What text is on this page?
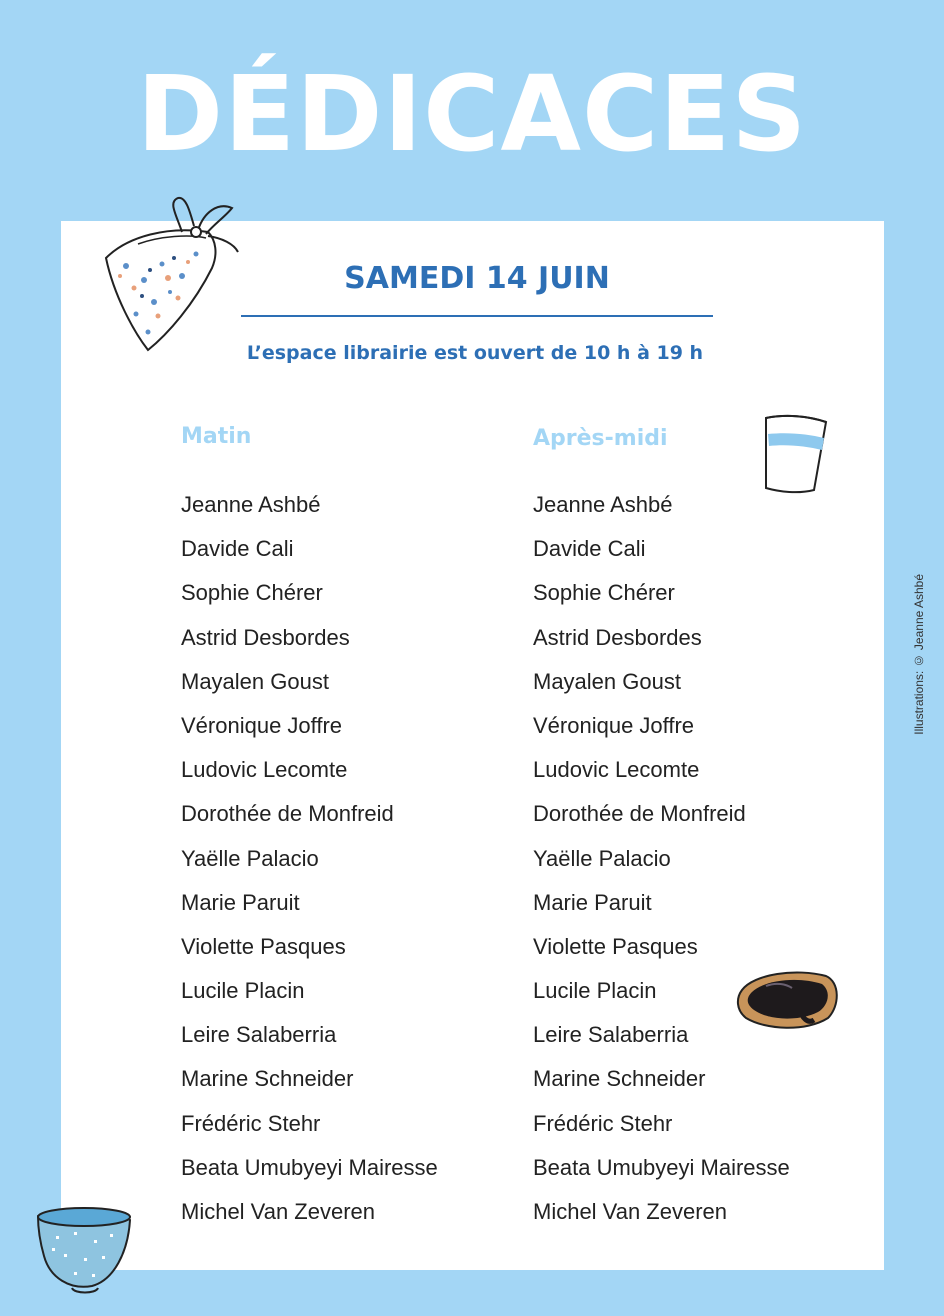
DÉDICACES
SAMEDI 14 JUIN
L’espace librairie est ouvert de 10 h à 19 h
Matin	Après-midi
Jeanne Ashbé
Davide Cali
Sophie Chérer
Astrid Desbordes
Mayalen Goust
Véronique Joffre
Ludovic Lecomte
Dorothée de Monfreid
Yaëlle Palacio
Marie Paruit
Violette Pasques
Lucile Placin
Leire Salaberria
Marine Schneider
Frédéric Stehr
Beata Umubyeyi Mairesse
Michel Van Zeveren
Jeanne Ashbé
Davide Cali
Sophie Chérer
Astrid Desbordes
Mayalen Goust
Véronique Joffre
Ludovic Lecomte
Dorothée de Monfreid
Yaëlle Palacio
Marie Paruit
Violette Pasques
Lucile Placin
Leire Salaberria
Marine Schneider
Frédéric Stehr
Beata Umubyeyi Mairesse
Michel Van Zeveren
Illustrations: © Jeanne Ashbé
